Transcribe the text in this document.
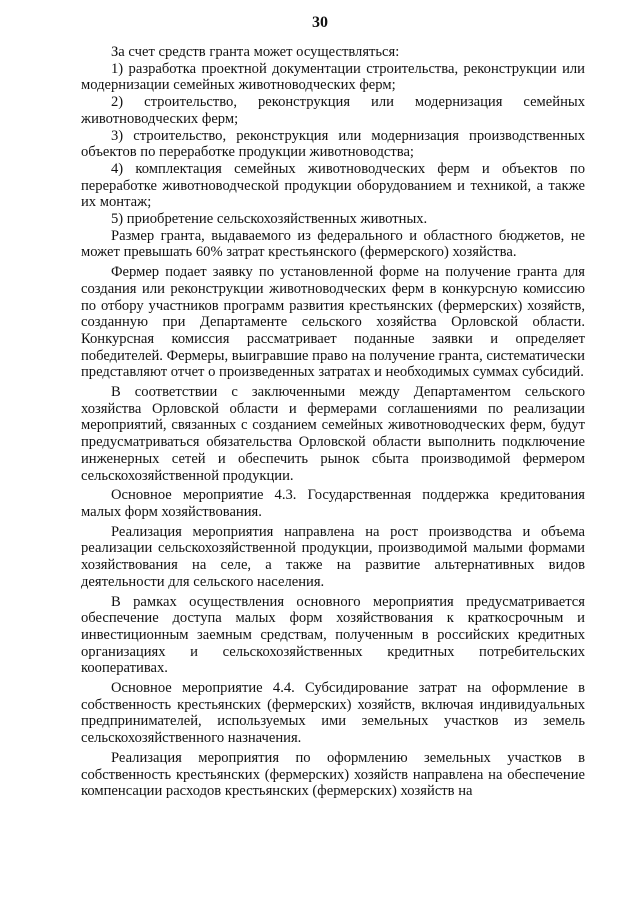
30

За счет средств гранта может осуществляться:

1) разработка проектной документации строительства, реконструкции или модернизации семейных животноводческих ферм;

2) строительство, реконструкция или модернизация семейных животноводческих ферм;

3) строительство, реконструкция или модернизация производственных объектов по переработке продукции животноводства;

4) комплектация семейных животноводческих ферм и объектов по переработке животноводческой продукции оборудованием и техникой, а также их монтаж;

5) приобретение сельскохозяйственных животных.

Размер гранта, выдаваемого из федерального и областного бюджетов, не может превышать 60% затрат крестьянского (фермерского) хозяйства.

Фермер подает заявку по установленной форме на получение гранта для создания или реконструкции животноводческих ферм в конкурсную комиссию по отбору участников программ развития крестьянских (фермерских) хозяйств, созданную при Департаменте сельского хозяйства Орловской области. Конкурсная комиссия рассматривает поданные заявки и определяет победителей. Фермеры, выигравшие право на получение гранта, систематически представляют отчет о произведенных затратах и необходимых суммах субсидий.

В соответствии с заключенными между Департаментом сельского хозяйства Орловской области и фермерами соглашениями по реализации мероприятий, связанных с созданием семейных животноводческих ферм, будут предусматриваться обязательства Орловской области выполнить подключение инженерных сетей и обеспечить рынок сбыта производимой фермером сельскохозяйственной продукции.

Основное мероприятие 4.3. Государственная поддержка кредитования малых форм хозяйствования.

Реализация мероприятия направлена на рост производства и объема реализации сельскохозяйственной продукции, производимой малыми формами хозяйствования на селе, а также на развитие альтернативных видов деятельности для сельского населения.

В рамках осуществления основного мероприятия предусматривается обеспечение доступа малых форм хозяйствования к краткосрочным и инвестиционным заемным средствам, полученным в российских кредитных организациях и сельскохозяйственных кредитных потребительских кооперативах.

Основное мероприятие 4.4. Субсидирование затрат на оформление в собственность крестьянских (фермерских) хозяйств, включая индивидуальных предпринимателей, используемых ими земельных участков из земель сельскохозяйственного назначения.

Реализация мероприятия по оформлению земельных участков в собственность крестьянских (фермерских) хозяйств направлена на обеспечение компенсации расходов крестьянских (фермерских) хозяйств на
